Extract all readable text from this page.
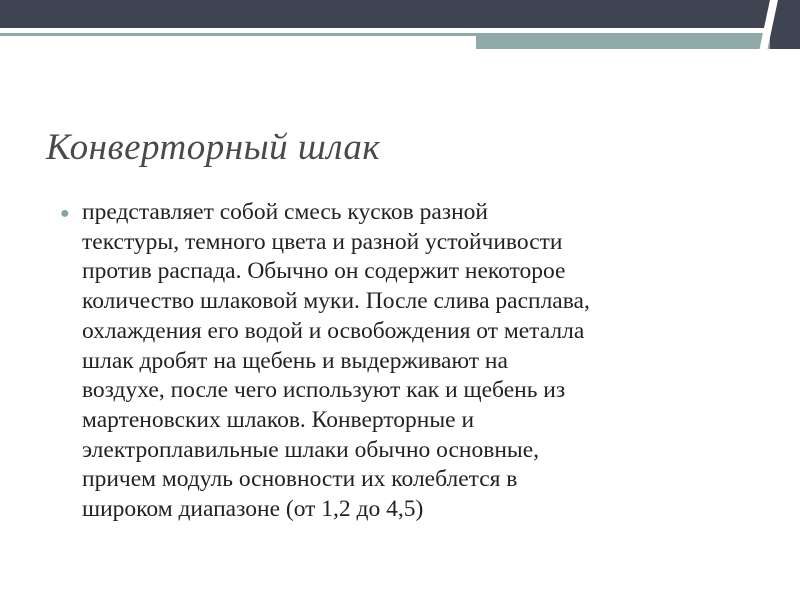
Конверторный шлак
● представляет собой смесь кусков разной
текстуры, темного цвета и разной устойчивости
против распада. Обычно он содержит некоторое
количество шлаковой муки. После слива расплава,
охлаждения его водой и освобождения от металла
шлак дробят на щебень и выдерживают на
воздухе, после чего используют как и щебень из
мартеновских шлаков. Конверторные и
электроплавильные шлаки обычно основные,
причем модуль основности их колеблется в
широком диапазоне (от 1,2 до 4,5)
